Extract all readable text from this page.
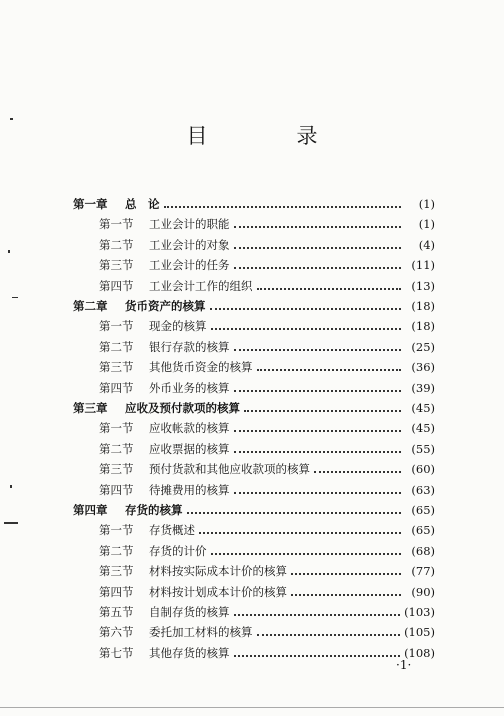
目　录
第一章	总　论	(1)
第一节	工业会计的职能	(1)
第二节	工业会计的对象	(4)
第三节	工业会计的任务	(11)
第四节	工业会计工作的组织	(13)
第二章	货币资产的核算	(18)
第一节	现金的核算	(18)
第二节	银行存款的核算	(25)
第三节	其他货币资金的核算	(36)
第四节	外币业务的核算	(39)
第三章	应收及预付款项的核算	(45)
第一节	应收帐款的核算	(45)
第二节	应收票据的核算	(55)
第三节	预付货款和其他应收款项的核算	(60)
第四节	待摊费用的核算	(63)
第四章	存货的核算	(65)
第一节	存货概述	(65)
第二节	存货的计价	(68)
第三节	材料按实际成本计价的核算	(77)
第四节	材料按计划成本计价的核算	(90)
第五节	自制存货的核算	(103)
第六节	委托加工材料的核算	(105)
第七节	其他存货的核算	(108)
·1·
